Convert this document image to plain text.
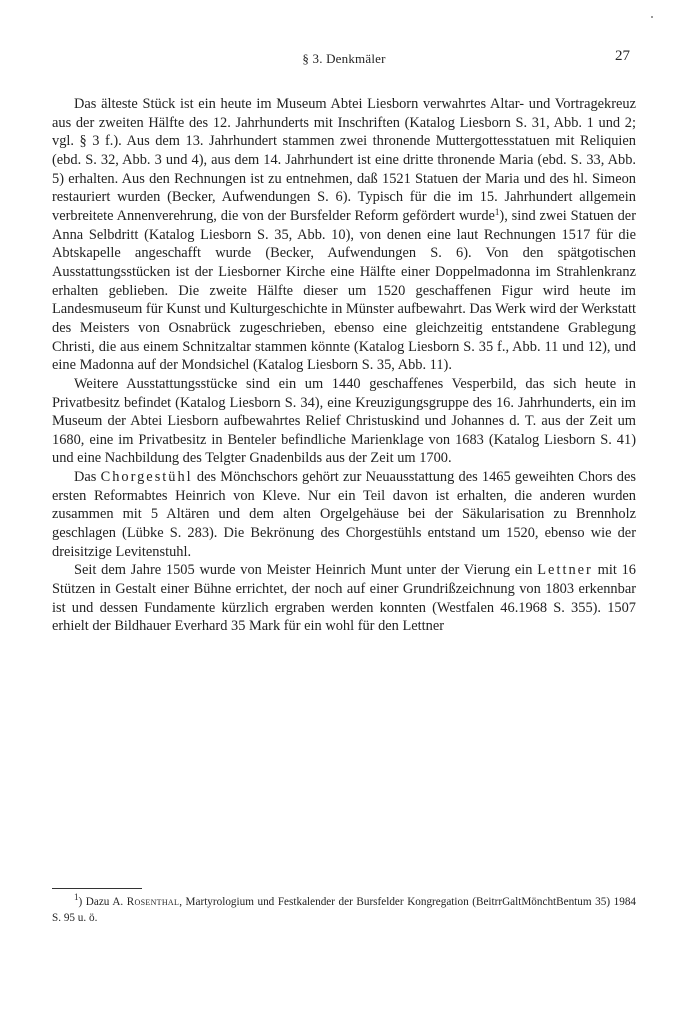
§ 3. Denkmäler	27

Das älteste Stück ist ein heute im Museum Abtei Liesborn verwahrtes Altar- und Vortragekreuz aus der zweiten Hälfte des 12. Jahrhunderts mit Inschriften (Katalog Liesborn S. 31, Abb. 1 und 2; vgl. § 3 f.). Aus dem 13. Jahrhundert stammen zwei thronende Muttergottesstatuen mit Reliquien (ebd. S. 32, Abb. 3 und 4), aus dem 14. Jahrhundert ist eine dritte thronende Maria (ebd. S. 33, Abb. 5) erhalten. Aus den Rechnungen ist zu entnehmen, daß 1521 Statuen der Maria und des hl. Simeon restauriert wurden (Becker, Aufwendungen S. 6). Typisch für die im 15. Jahrhundert allgemein verbreitete Annenverehrung, die von der Bursfelder Reform gefördert wurde$^1$), sind zwei Statuen der Anna Selbdritt (Katalog Liesborn S. 35, Abb. 10), von denen eine laut Rechnungen 1517 für die Abtskapelle angeschafft wurde (Becker, Aufwendungen S. 6). Von den spätgotischen Ausstattungsstücken ist der Liesborner Kirche eine Hälfte einer Doppelmadonna im Strahlenkranz erhalten geblieben. Die zweite Hälfte dieser um 1520 geschaffenen Figur wird heute im Landesmuseum für Kunst und Kulturgeschichte in Münster aufbewahrt. Das Werk wird der Werkstatt des Meisters von Osnabrück zugeschrieben, ebenso eine gleichzeitig entstandene Grablegung Christi, die aus einem Schnitzaltar stammen könnte (Katalog Liesborn S. 35 f., Abb. 11 und 12), und eine Madonna auf der Mondsichel (Katalog Liesborn S. 35, Abb. 11).

Weitere Ausstattungsstücke sind ein um 1440 geschaffenes Vesperbild, das sich heute in Privatbesitz befindet (Katalog Liesborn S. 34), eine Kreuzigungsgruppe des 16. Jahrhunderts, ein im Museum der Abtei Liesborn aufbewahrtes Relief Christuskind und Johannes d. T. aus der Zeit um 1680, eine im Privatbesitz in Benteler befindliche Marienklage von 1683 (Katalog Liesborn S. 41) und eine Nachbildung des Telgter Gnadenbilds aus der Zeit um 1700.

Das Chorgestühl des Mönchschors gehört zur Neuausstattung des 1465 geweihten Chors des ersten Reformabtes Heinrich von Kleve. Nur ein Teil davon ist erhalten, die anderen wurden zusammen mit 5 Altären und dem alten Orgelgehäuse bei der Säkularisation zu Brennholz geschlagen (Lübke S. 283). Die Bekrönung des Chorgestühls entstand um 1520, ebenso wie der dreisitzige Levitenstuhl.

Seit dem Jahre 1505 wurde von Meister Heinrich Munt unter der Vierung ein Lettner mit 16 Stützen in Gestalt einer Bühne errichtet, der noch auf einer Grundrißzeichnung von 1803 erkennbar ist und dessen Fundamente kürzlich ergraben werden konnten (Westfalen 46.1968 S. 355). 1507 erhielt der Bildhauer Everhard 35 Mark für ein wohl für den Lettner

$^1$) Dazu A. Rosenthal, Martyrologium und Festkalender der Bursfelder Kongregation (BeitrrGaltMönchtBentum 35) 1984 S. 95 u. ö.
